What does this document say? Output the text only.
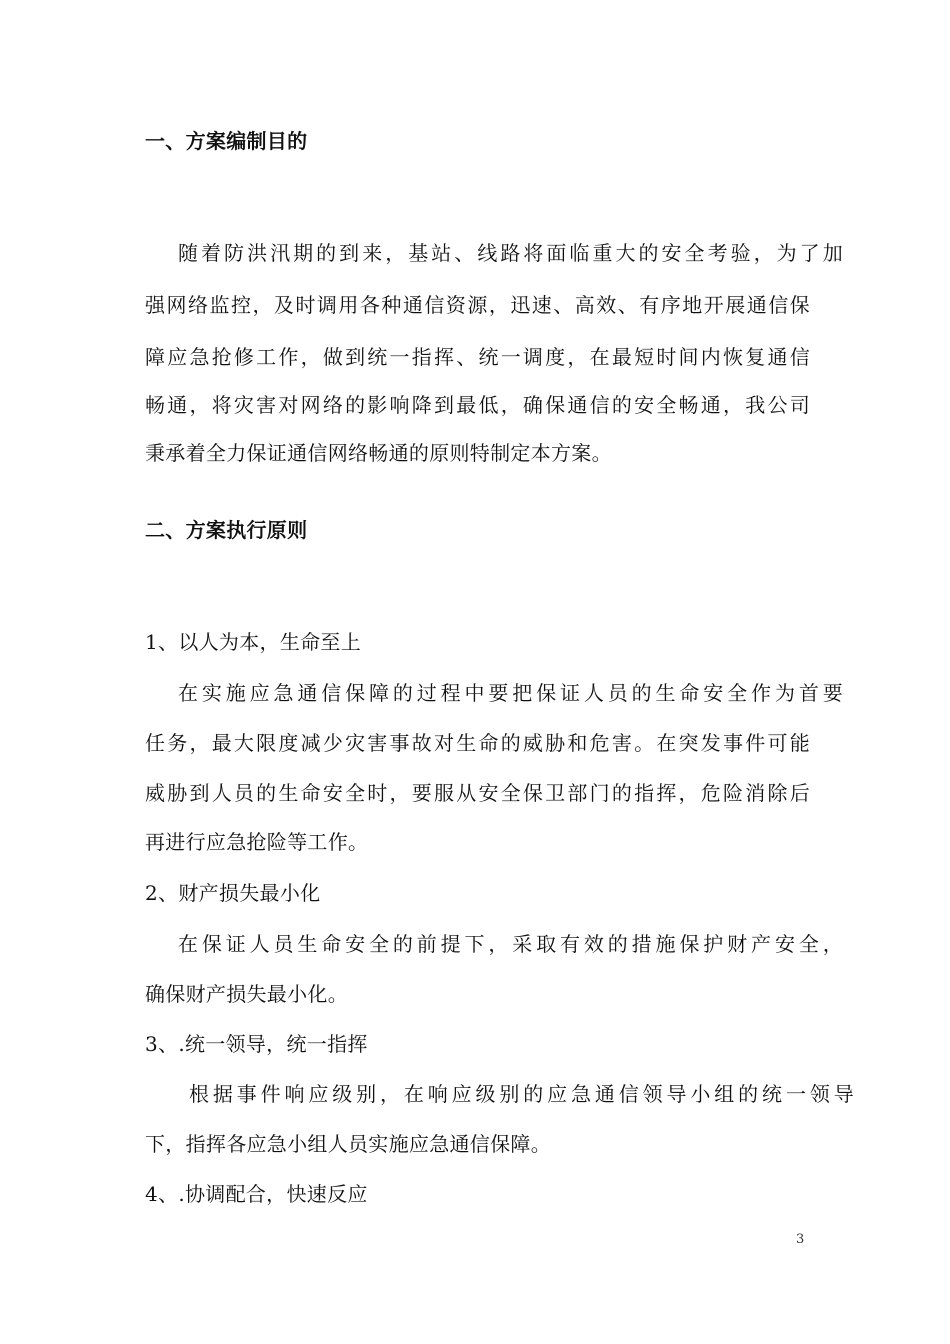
一、方案编制目的
随着防洪汛期的到来，基站、线路将面临重大的安全考验，为了加
强网络监控，及时调用各种通信资源，迅速、高效、有序地开展通信保
障应急抢修工作，做到统一指挥、统一调度，在最短时间内恢复通信
畅通，将灾害对网络的影响降到最低，确保通信的安全畅通，我公司
秉承着全力保证通信网络畅通的原则特制定本方案。
二、方案执行原则
1、以人为本，生命至上
在实施应急通信保障的过程中要把保证人员的生命安全作为首要
任务，最大限度减少灾害事故对生命的威胁和危害。在突发事件可能
威胁到人员的生命安全时，要服从安全保卫部门的指挥，危险消除后
再进行应急抢险等工作。
2、财产损失最小化
在保证人员生命安全的前提下，采取有效的措施保护财产安全，
确保财产损失最小化。
3、.统一领导，统一指挥
根据事件响应级别，在响应级别的应急通信领导小组的统一领导
下，指挥各应急小组人员实施应急通信保障。
4、.协调配合，快速反应
3
